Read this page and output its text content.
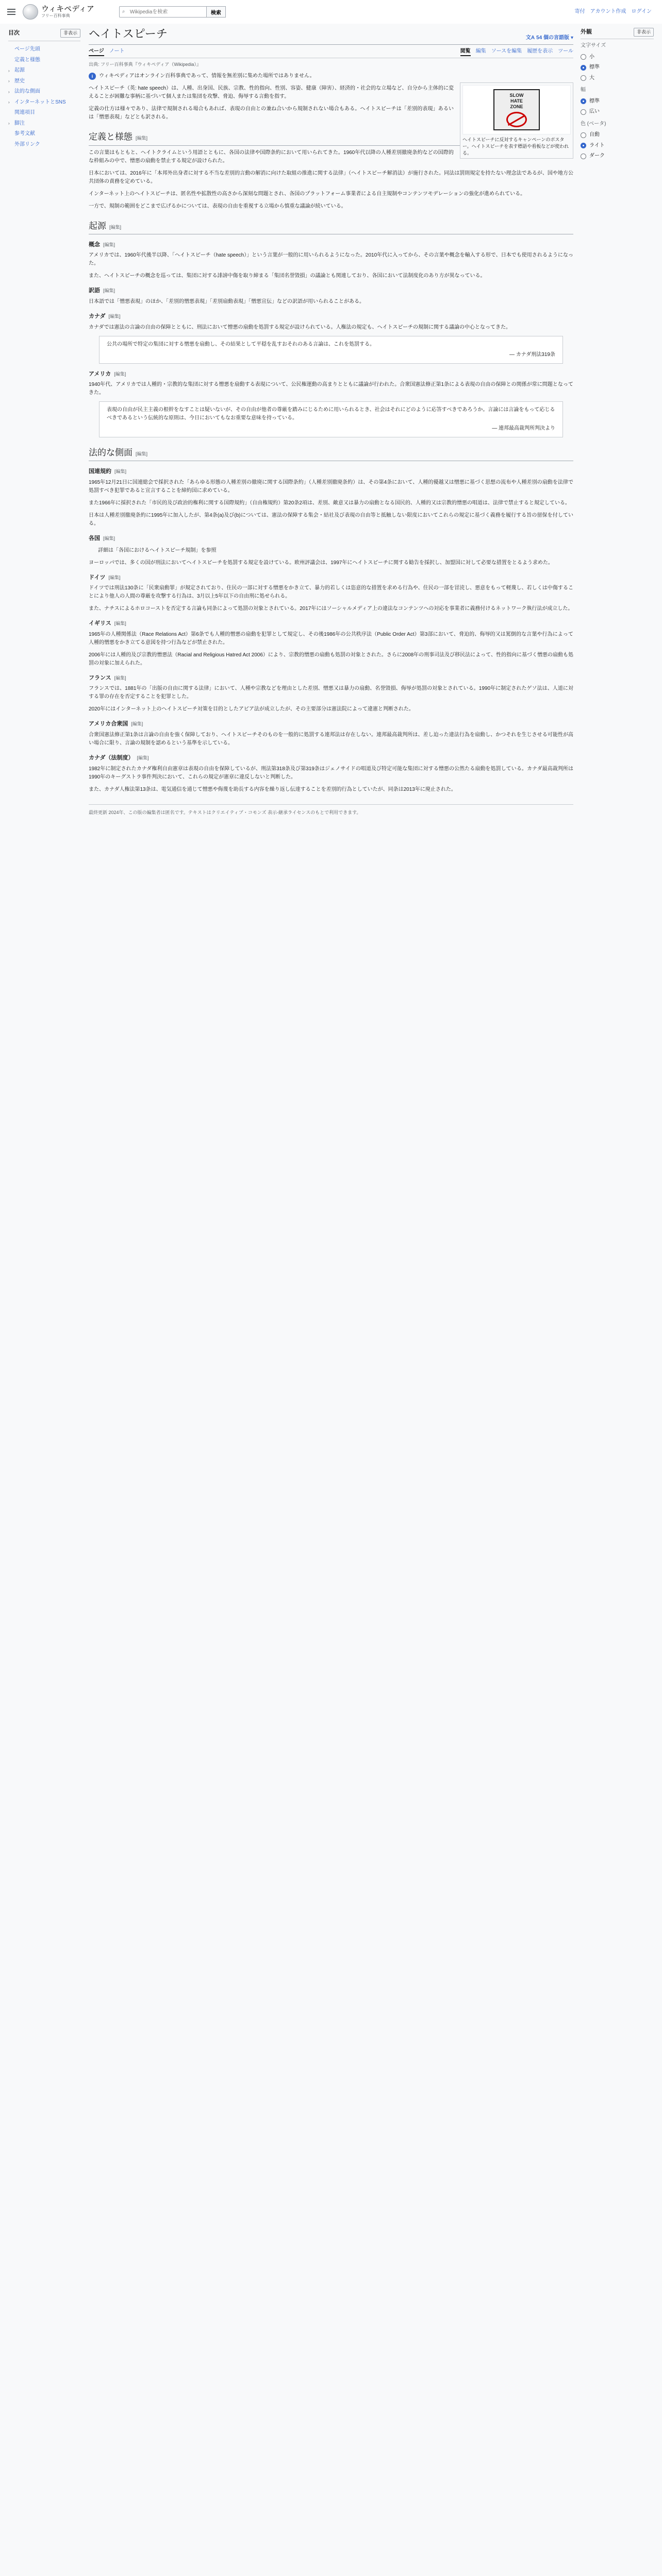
ウィキペディア
フリー百科事典
⌕
Wikipediaを検索	検索	寄付 アカウント作成 ログイン
目次	非表示
ページ先頭
定義と様態
› 起源
› 歴史
› 法的な側面
› インターネットとSNS
関連項目
› 脚注
参考文献
外部リンク
外観	非表示
文字サイズ
小
標準
大
幅
標準
広い
色 (ベータ)
自動
ライト
ダーク
ヘイトスピーチ	文A 54 個の言語版 ▾
ページ ノート	閲覧 編集 ソースを編集 履歴を表示 ツール
出典: フリー百科事典『ウィキペディア（Wikipedia）』
i	ウィキペディアはオンライン百科事典であって、情報を無差別に集めた場所ではありません。
SLOW
HATE
ZONE
ヘイトスピーチに反対するキャンペーンのポスター。ヘイトスピーチを表す標語や看板などが使われる。

ヘイトスピーチ（英: hate speech）は、人種、出身国、民族、宗教、性的指向、性別、容姿、健康（障害）、経済的・社会的な立場など、自分から主体的に変えることが困難な事柄に基づいて個人または集団を攻撃、脅迫、侮辱する言動を指す。

定義の仕方は様々であり、法律で規制される場合もあれば、表現の自由との兼ね合いから規制されない場合もある。ヘイトスピーチは「差別的表現」あるいは「憎悪表現」などとも訳される。

定義と様態 [編集]

この言葉はもともと、ヘイトクライムという用語とともに、各国の法律や国際条約において用いられてきた。1960年代以降の人種差別撤廃条約などの国際的な枠組みの中で、憎悪の扇動を禁止する規定が設けられた。

日本においては、2016年に「本邦外出身者に対する不当な差別的言動の解消に向けた取組の推進に関する法律」（ヘイトスピーチ解消法）が施行された。同法は罰則規定を持たない理念法であるが、国や地方公共団体の責務を定めている。

インターネット上のヘイトスピーチは、匿名性や拡散性の高さから深刻な問題とされ、各国のプラットフォーム事業者による自主規制やコンテンツモデレーションの強化が進められている。

一方で、規制の範囲をどこまで広げるかについては、表現の自由を重視する立場から慎重な議論が続いている。

起源 [編集]
概念 [編集]

アメリカでは、1960年代後半以降、「ヘイトスピーチ（hate speech）」という言葉が一般的に用いられるようになった。2010年代に入ってから、その言葉や概念を輸入する形で、日本でも使用されるようになった。

また、ヘイトスピーチの概念を巡っては、集団に対する誹謗中傷を取り締まる「集団名誉毀損」の議論とも関連しており、各国において法制度化のあり方が異なっている。

訳語 [編集]

日本語では「憎悪表現」のほか、「差別的憎悪表現」「差別扇動表現」「憎悪宣伝」などの訳語が用いられることがある。

カナダ [編集]

カナダでは憲法の言論の自由の保障とともに、刑法において憎悪の扇動を処罰する規定が設けられている。人権法の規定も、ヘイトスピーチの規制に関する議論の中心となってきた。

公共の場所で特定の集団に対する憎悪を扇動し、その結果として平穏を乱すおそれのある言論は、これを処罰する。
― カナダ刑法319条
アメリカ [編集]

1940年代、アメリカでは人種的・宗教的な集団に対する憎悪を扇動する表現について、公民権運動の高まりとともに議論が行われた。合衆国憲法修正第1条による表現の自由の保障との関係が常に問題となってきた。

表現の自由が民主主義の根幹をなすことは疑いないが、その自由が他者の尊厳を踏みにじるために用いられるとき、社会はそれにどのように応答すべきであろうか。言論には言論をもって応じるべきであるという伝統的な原則は、今日においてもなお重要な意味を持っている。
― 連邦最高裁判所判決より
法的な側面 [編集]
国連規約 [編集]

1965年12月21日に国連総会で採択された「あらゆる形態の人種差別の撤廃に関する国際条約」（人種差別撤廃条約）は、その第4条において、人種的優越又は憎悪に基づく思想の流布や人種差別の扇動を法律で処罰すべき犯罪であると宣言することを締約国に求めている。

また1966年に採択された「市民的及び政治的権利に関する国際規約」（自由権規約）第20条2項は、差別、敵意又は暴力の扇動となる国民的、人種的又は宗教的憎悪の唱道は、法律で禁止すると規定している。

日本は人種差別撤廃条約に1995年に加入したが、第4条(a)及び(b)については、憲法の保障する集会・結社及び表現の自由等と抵触しない限度においてこれらの規定に基づく義務を履行する旨の留保を付している。

各国 [編集]
詳細は「各国におけるヘイトスピーチ規制」を参照

ヨーロッパでは、多くの国が刑法においてヘイトスピーチを処罰する規定を設けている。欧州評議会は、1997年にヘイトスピーチに関する勧告を採択し、加盟国に対して必要な措置をとるよう求めた。

ドイツ [編集]

ドイツでは刑法130条に「民衆扇動罪」が規定されており、住民の一部に対する憎悪をかき立て、暴力的若しくは恣意的な措置を求める行為や、住民の一部を冒涜し、悪意をもって軽蔑し、若しくは中傷することにより他人の人間の尊厳を攻撃する行為は、3月以上5年以下の自由刑に処せられる。

また、ナチスによるホロコーストを否定する言論も同条によって処罰の対象とされている。2017年にはソーシャルメディア上の違法なコンテンツへの対応を事業者に義務付けるネットワーク執行法が成立した。

イギリス [編集]

1965年の人種関係法（Race Relations Act）第6条でも人種的憎悪の扇動を犯罪として規定し、その後1986年の公共秩序法（Public Order Act）第3部において、脅迫的、侮辱的又は罵倒的な言葉や行為によって人種的憎悪をかき立てる意図を持つ行為などが禁止された。

2006年には人種的及び宗教的憎悪法（Racial and Religious Hatred Act 2006）により、宗教的憎悪の扇動も処罰の対象とされた。さらに2008年の刑事司法及び移民法によって、性的指向に基づく憎悪の扇動も処罰の対象に加えられた。

フランス [編集]

フランスでは、1881年の「出版の自由に関する法律」において、人種や宗教などを理由とした差別、憎悪又は暴力の扇動、名誉毀損、侮辱が処罰の対象とされている。1990年に制定されたゲソ法は、人道に対する罪の存在を否定することを犯罪とした。

2020年にはインターネット上のヘイトスピーチ対策を目的としたアビア法が成立したが、その主要部分は憲法院によって違憲と判断された。

アメリカ合衆国 [編集]

合衆国憲法修正第1条は言論の自由を強く保障しており、ヘイトスピーチそのものを一般的に処罰する連邦法は存在しない。連邦最高裁判所は、差し迫った違法行為を扇動し、かつそれを生じさせる可能性が高い場合に限り、言論の規制を認めるという基準を示している。

カナダ（法制度） [編集]

1982年に制定されたカナダ権利自由憲章は表現の自由を保障しているが、刑法第318条及び第319条はジェノサイドの唱道及び特定可能な集団に対する憎悪の公然たる扇動を処罰している。カナダ最高裁判所は1990年のキーグストラ事件判決において、これらの規定が憲章に違反しないと判断した。

また、カナダ人権法第13条は、電気通信を通じて憎悪や侮蔑を助長する内容を繰り返し伝達することを差別的行為としていたが、同条は2013年に廃止された。

最終更新 2024年、この版の編集者は匿名です。テキストはクリエイティブ・コモンズ 表示-継承ライセンスのもとで利用できます。
